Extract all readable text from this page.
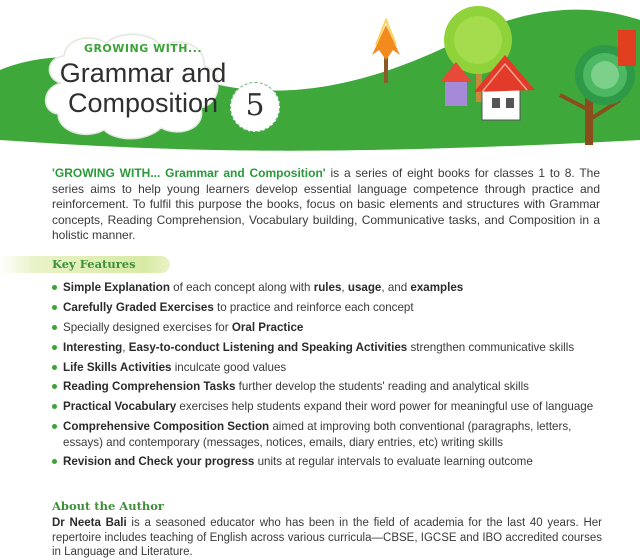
GROWING WITH...
Grammar and
Composition 5

'GROWING WITH... Grammar and Composition' is a series of eight books for classes 1 to 8. The series aims to help young learners develop essential language competence through practice and reinforcement. To fulfil this purpose the books, focus on basic elements and structures with Grammar concepts, Reading Comprehension, Vocabulary building, Communicative tasks, and Composition in a holistic manner.

Key Features
Simple Explanation of each concept along with rules, usage, and examples
Carefully Graded Exercises to practice and reinforce each concept
Specially designed exercises for Oral Practice
Interesting, Easy-to-conduct Listening and Speaking Activities strengthen communicative skills
Life Skills Activities inculcate good values
Reading Comprehension Tasks further develop the students' reading and analytical skills
Practical Vocabulary exercises help students expand their word power for meaningful use of language
Comprehensive Composition Section aimed at improving both conventional (paragraphs, letters, essays) and contemporary (messages, notices, emails, diary entries, etc) writing skills
Revision and Check your progress units at regular intervals to evaluate learning outcome
About the Author

Dr Neeta Bali is a seasoned educator who has been in the field of academia for the last 40 years. Her repertoire includes teaching of English across various curricula—CBSE, IGCSE and IBO accredited courses in Language and Literature.
